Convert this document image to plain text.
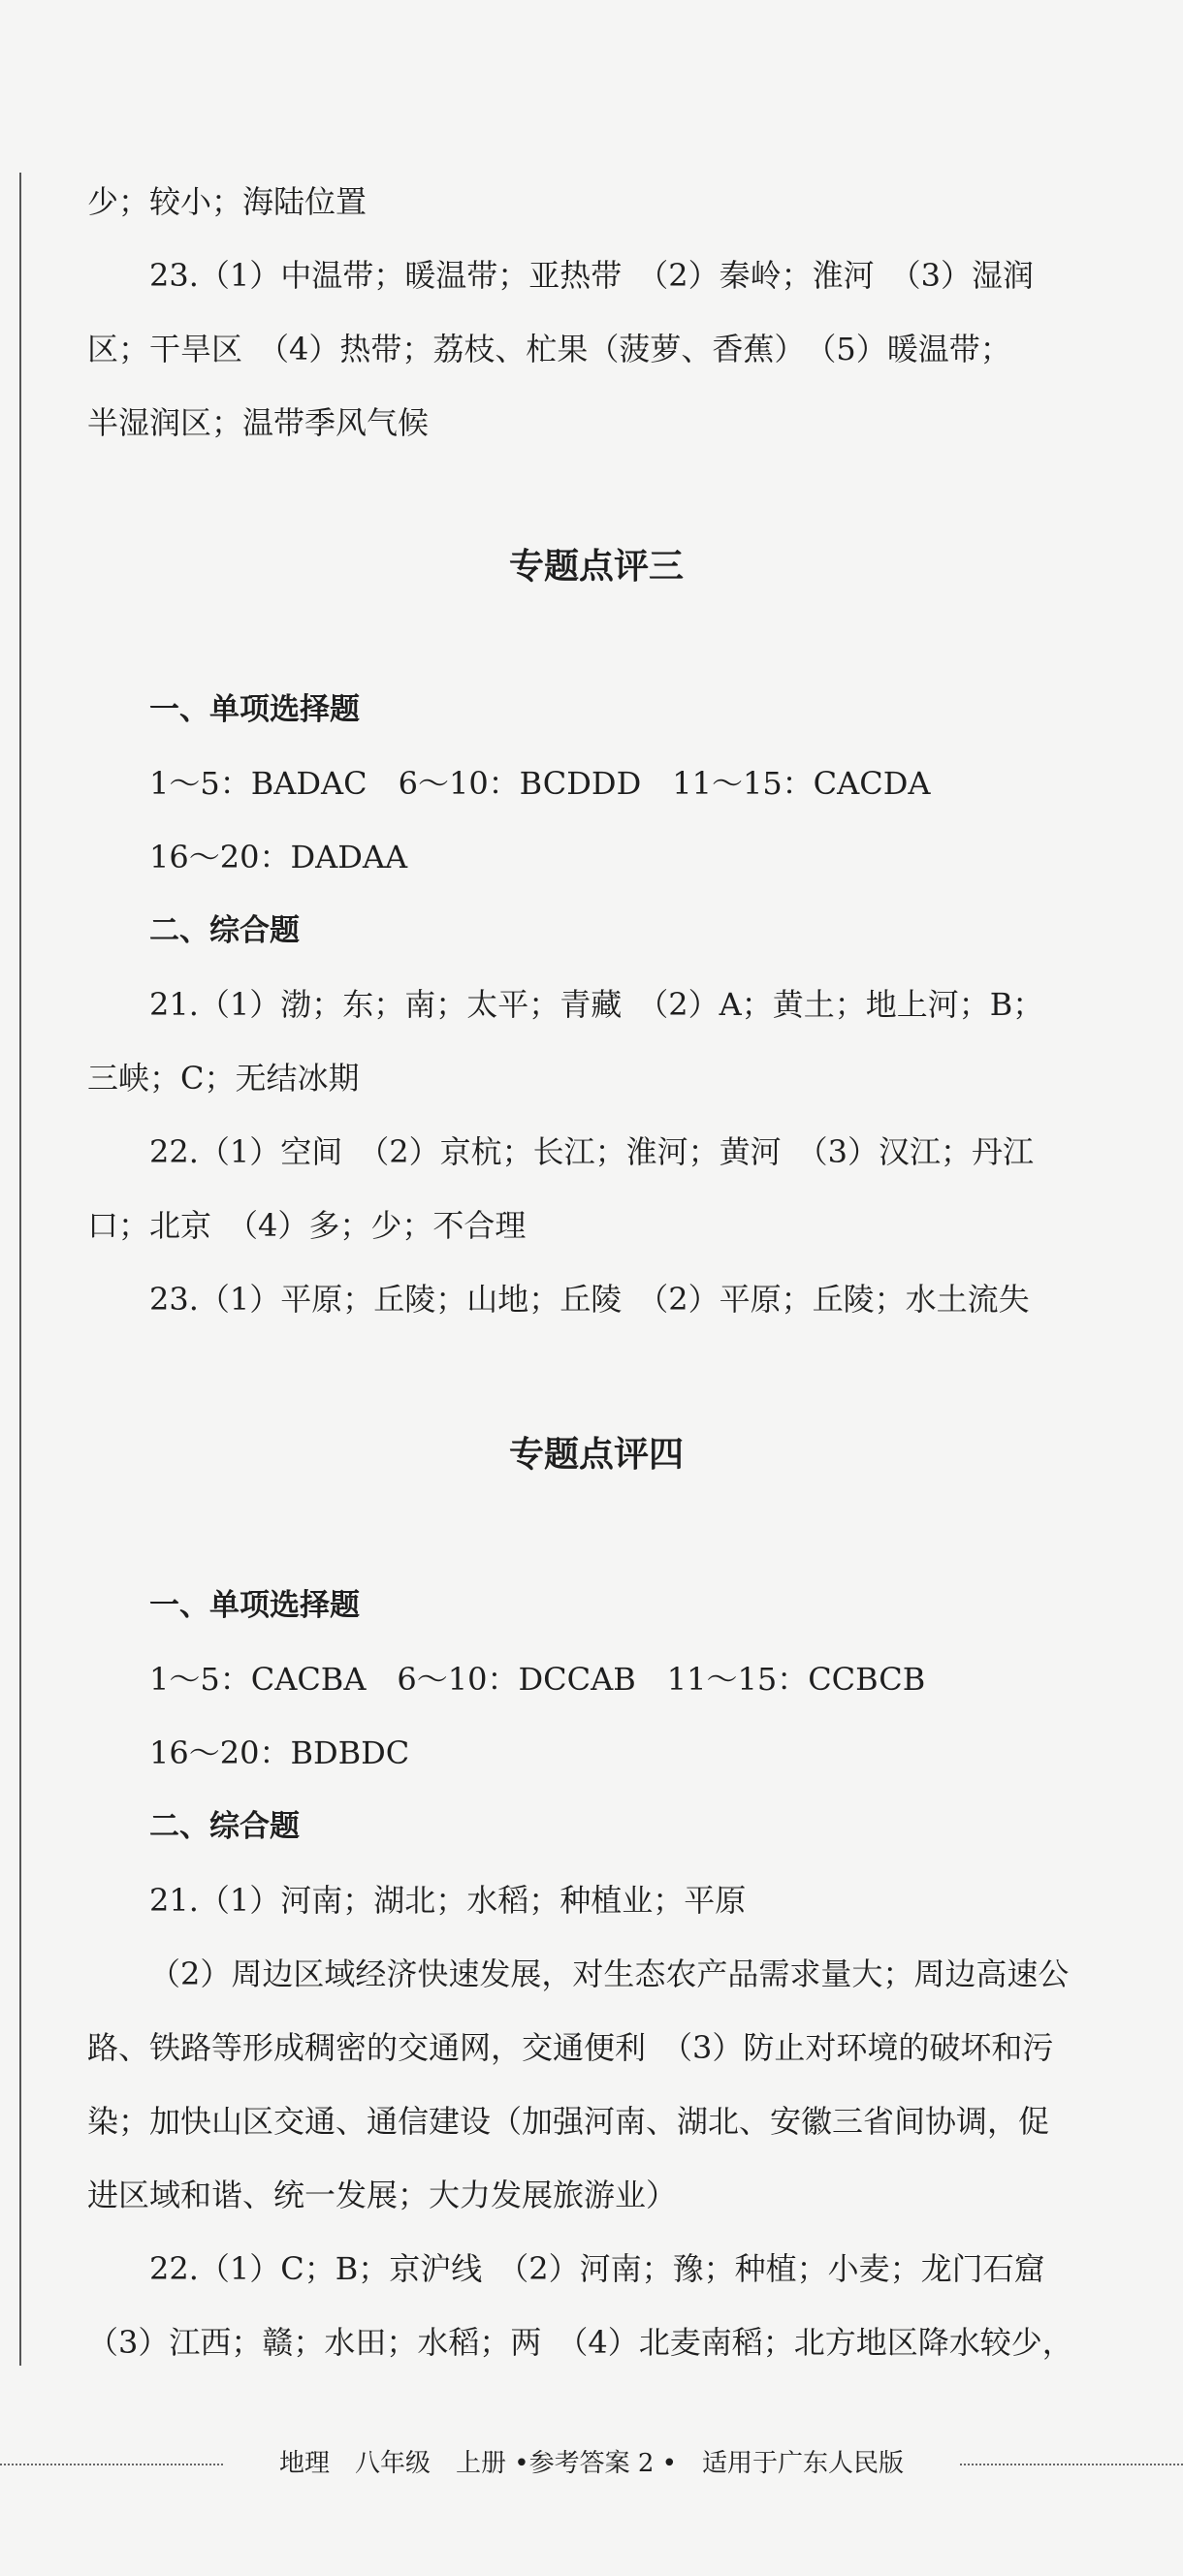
少；较小；海陆位置
23.（1）中温带；暖温带；亚热带　（2）秦岭；淮河　（3）湿润
区；干旱区　（4）热带；荔枝、杧果（菠萝、香蕉）　（5）暖温带；
半湿润区；温带季风气候
专题点评三
一、单项选择题
1～5：BADAC　6～10：BCDDD　11～15：CACDA
16～20：DADAA
二、综合题
21.（1）渤；东；南；太平；青藏　（2）A；黄土；地上河；B；
三峡；C；无结冰期
22.（1）空间　（2）京杭；长江；淮河；黄河　（3）汉江；丹江
口；北京　（4）多；少；不合理
23.（1）平原；丘陵；山地；丘陵　（2）平原；丘陵；水土流失
专题点评四
一、单项选择题
1～5：CACBA　6～10：DCCAB　11～15：CCBCB
16～20：BDBDC
二、综合题
21.（1）河南；湖北；水稻；种植业；平原
（2）周边区域经济快速发展，对生态农产品需求量大；周边高速公
路、铁路等形成稠密的交通网，交通便利　（3）防止对环境的破坏和污
染；加快山区交通、通信建设（加强河南、湖北、安徽三省间协调，促
进区域和谐、统一发展；大力发展旅游业）
22.（1）C；B；京沪线　（2）河南；豫；种植；小麦；龙门石窟
（3）江西；赣；水田；水稻；两　（4）北麦南稻；北方地区降水较少，
地理　八年级　上册 •参考答案 2 •　适用于广东人民版
